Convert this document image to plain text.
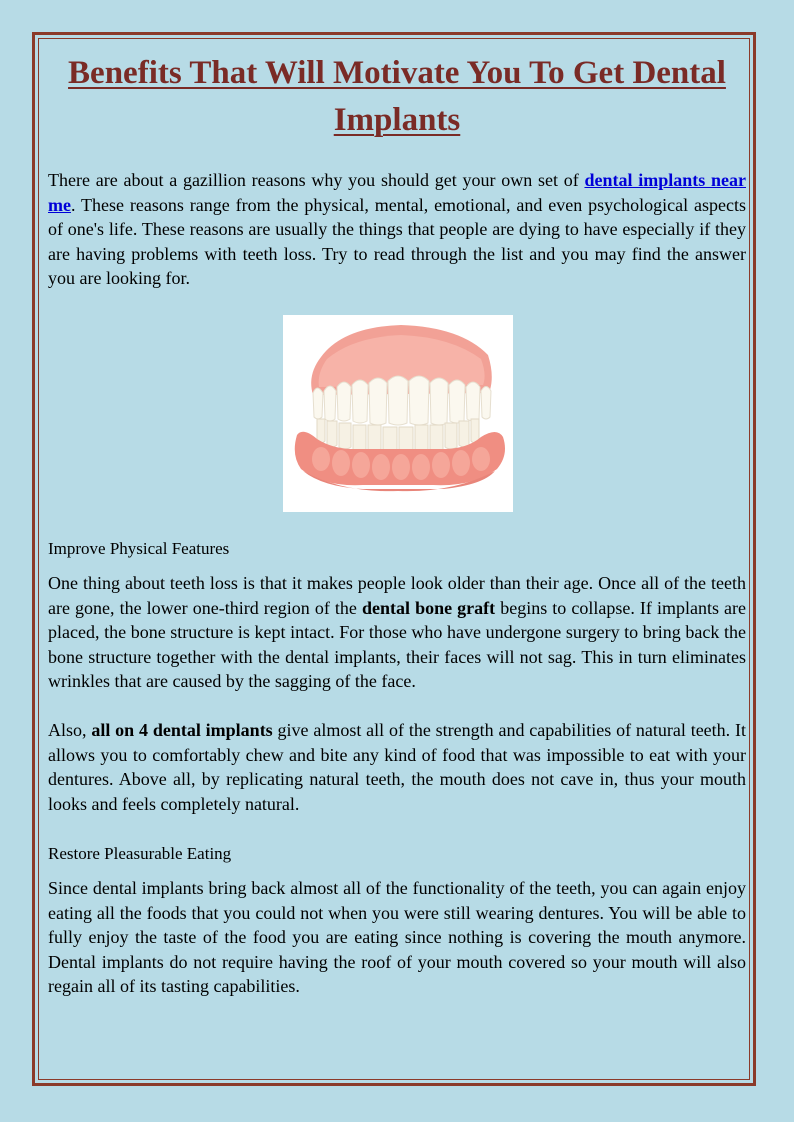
Benefits That Will Motivate You To Get Dental Implants

There are about a gazillion reasons why you should get your own set of dental implants near me. These reasons range from the physical, mental, emotional, and even psychological aspects of one's life. These reasons are usually the things that people are dying to have especially if they are having problems with teeth loss. Try to read through the list and you may find the answer you are looking for.

Improve Physical Features

One thing about teeth loss is that it makes people look older than their age. Once all of the teeth are gone, the lower one-third region of the dental bone graft begins to collapse. If implants are placed, the bone structure is kept intact. For those who have undergone surgery to bring back the bone structure together with the dental implants, their faces will not sag. This in turn eliminates wrinkles that are caused by the sagging of the face.

Also, all on 4 dental implants give almost all of the strength and capabilities of natural teeth. It allows you to comfortably chew and bite any kind of food that was impossible to eat with your dentures. Above all, by replicating natural teeth, the mouth does not cave in, thus your mouth looks and feels completely natural.

Restore Pleasurable Eating

Since dental implants bring back almost all of the functionality of the teeth, you can again enjoy eating all the foods that you could not when you were still wearing dentures. You will be able to fully enjoy the taste of the food you are eating since nothing is covering the mouth anymore. Dental implants do not require having the roof of your mouth covered so your mouth will also regain all of its tasting capabilities.
